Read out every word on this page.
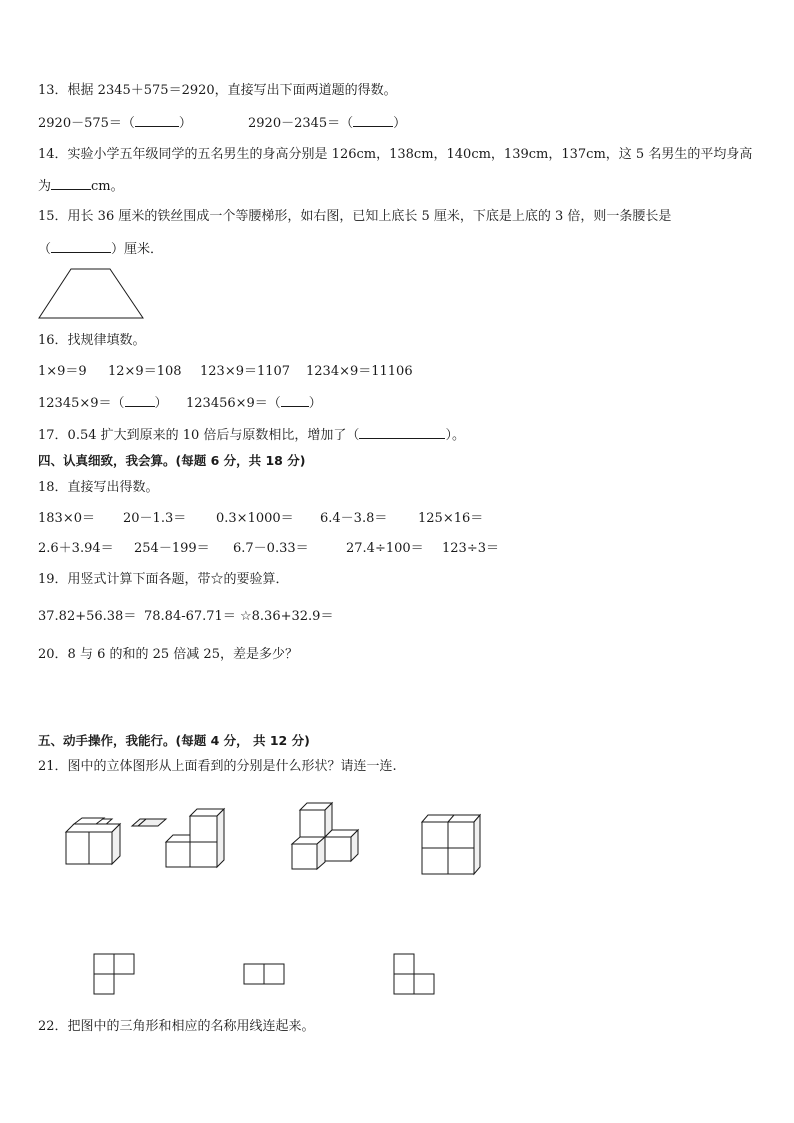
13．根据 2345＋575＝2920，直接写出下面两道题的得数。
2920－575＝（	）	2920－2345＝（	）
14．实验小学五年级同学的五名男生的身高分别是 126cm，138cm，140cm，139cm，137cm，这 5 名男生的平均身高
为	cm。
15．用长 36 厘米的铁丝围成一个等腰梯形，如右图，已知上底长 5 厘米，下底是上底的 3 倍，则一条腰长是
（	）厘米．
16．找规律填数。
1×9＝9 12×9＝108 123×9＝1107 1234×9＝11106
12345×9＝（ ） 123456×9＝（ ）
17．0.54 扩大到原来的 10 倍后与原数相比，增加了（	）。
四、认真细致，我会算。(每题 6 分，共 18 分)
18．直接写出得数。
183×0＝ 20－1.3＝ 0.3×1000＝ 6.4－3.8＝ 125×16＝
2.6＋3.94＝ 254－199＝ 6.7－0.33＝	27.4÷100＝ 123÷3＝
19．用竖式计算下面各题，带☆的要验算．
37.82+56.38＝ 78.84-67.71＝ ☆8.36+32.9＝
20．8 与 6 的和的 25 倍减 25，差是多少？
五、动手操作，我能行。(每题 4 分， 共 12 分)
21．图中的立体图形从上面看到的分别是什么形状？请连一连.
22．把图中的三角形和相应的名称用线连起来。
